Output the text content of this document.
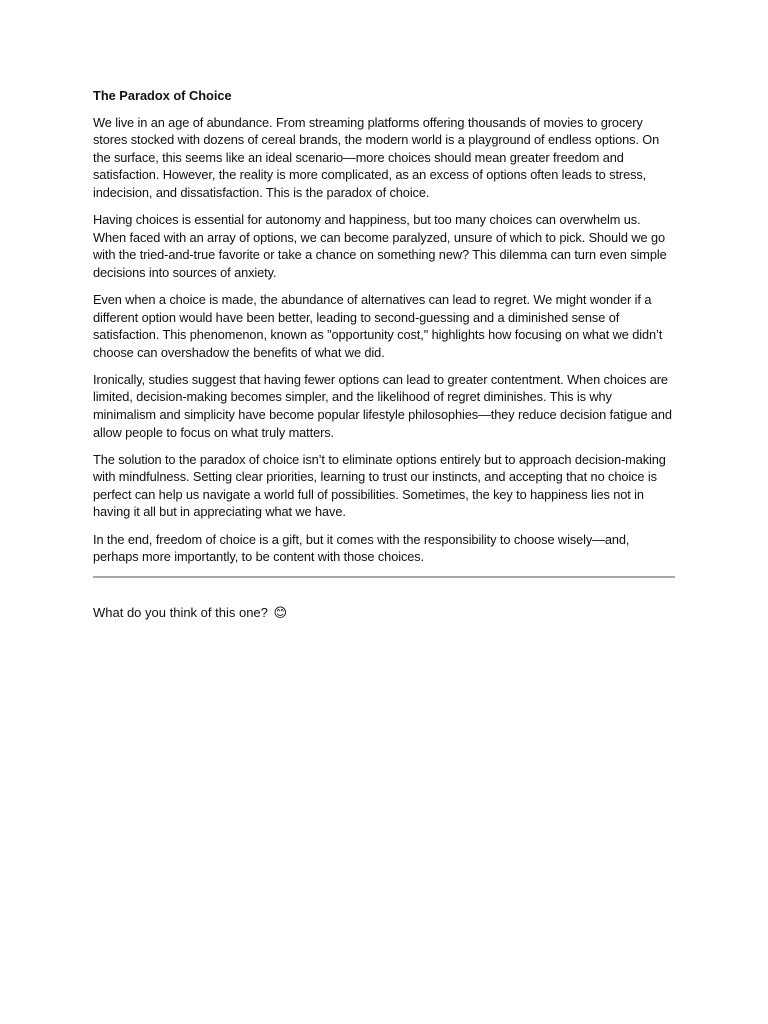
The Paradox of Choice

We live in an age of abundance. From streaming platforms offering thousands of movies to grocery stores stocked with dozens of cereal brands, the modern world is a playground of endless options. On the surface, this seems like an ideal scenario—more choices should mean greater freedom and satisfaction. However, the reality is more complicated, as an excess of options often leads to stress, indecision, and dissatisfaction. This is the paradox of choice.

Having choices is essential for autonomy and happiness, but too many choices can overwhelm us. When faced with an array of options, we can become paralyzed, unsure of which to pick. Should we go with the tried-and-true favorite or take a chance on something new? This dilemma can turn even simple decisions into sources of anxiety.

Even when a choice is made, the abundance of alternatives can lead to regret. We might wonder if a different option would have been better, leading to second-guessing and a diminished sense of satisfaction. This phenomenon, known as "opportunity cost," highlights how focusing on what we didn’t choose can overshadow the benefits of what we did.

Ironically, studies suggest that having fewer options can lead to greater contentment. When choices are limited, decision-making becomes simpler, and the likelihood of regret diminishes. This is why minimalism and simplicity have become popular lifestyle philosophies—they reduce decision fatigue and allow people to focus on what truly matters.

The solution to the paradox of choice isn’t to eliminate options entirely but to approach decision-making with mindfulness. Setting clear priorities, learning to trust our instincts, and accepting that no choice is perfect can help us navigate a world full of possibilities. Sometimes, the key to happiness lies not in having it all but in appreciating what we have.

In the end, freedom of choice is a gift, but it comes with the responsibility to choose wisely—and, perhaps more importantly, to be content with those choices.

What do you think of this one? 😊
